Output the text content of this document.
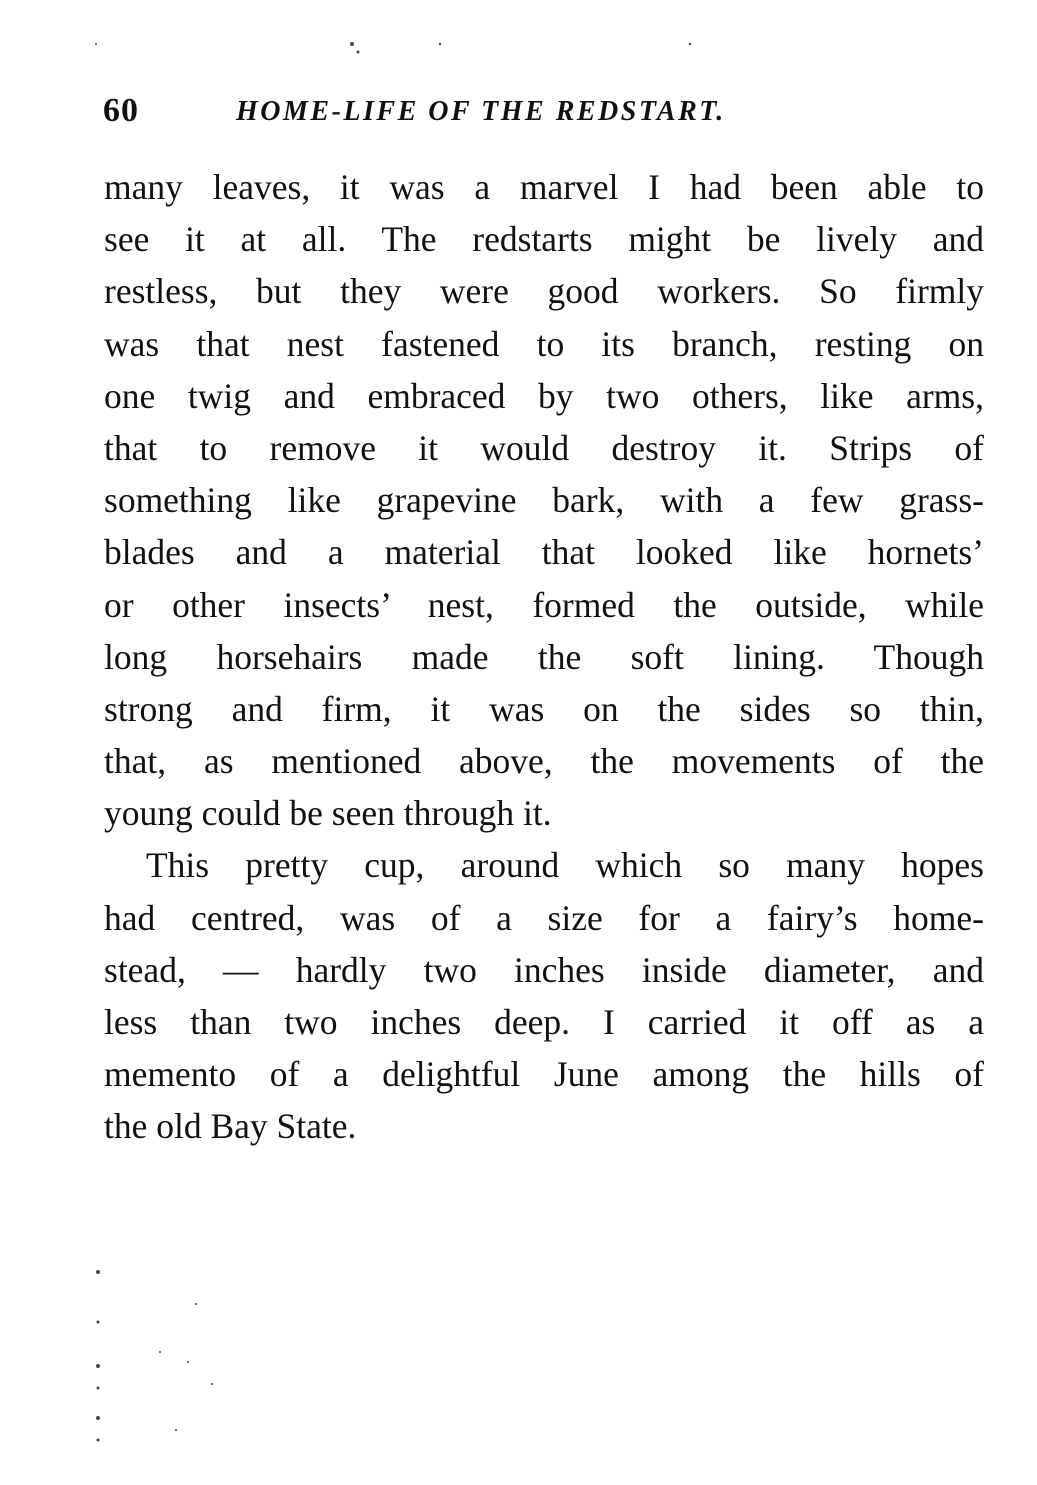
60	HOME-LIFE OF THE REDSTART.
many leaves, it was a marvel I had been able to
see it at all. The redstarts might be lively and
restless, but they were good workers. So firmly
was that nest fastened to its branch, resting on
one twig and embraced by two others, like arms,
that to remove it would destroy it. Strips of
something like grapevine bark, with a few grass-
blades and a material that looked like hornets’
or other insects’ nest, formed the outside, while
long horsehairs made the soft lining. Though
strong and firm, it was on the sides so thin,
that, as mentioned above, the movements of the
young could be seen through it.
This pretty cup, around which so many hopes
had centred, was of a size for a fairy’s home-
stead, — hardly two inches inside diameter, and
less than two inches deep. I carried it off as a
memento of a delightful June among the hills of
the old Bay State.
